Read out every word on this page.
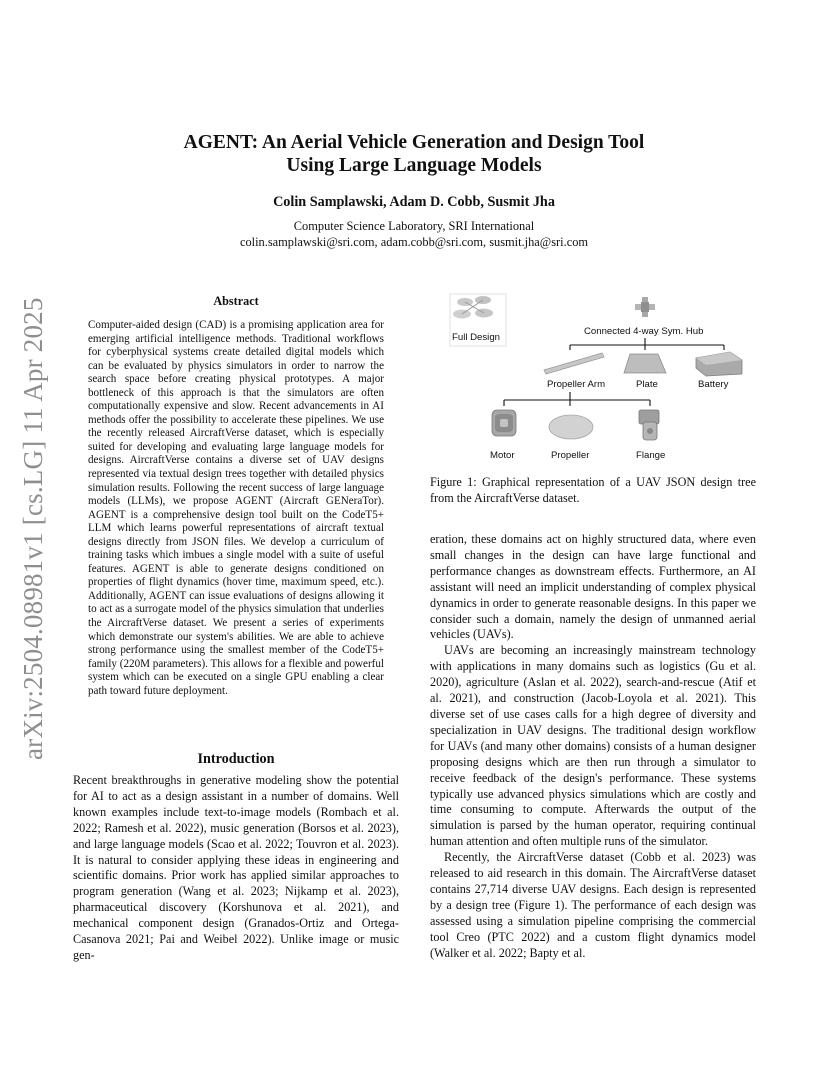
arXiv:2504.08981v1 [cs.LG] 11 Apr 2025
AGENT: An Aerial Vehicle Generation and Design Tool
Using Large Language Models
Colin Samplawski, Adam D. Cobb, Susmit Jha
Computer Science Laboratory, SRI International
colin.samplawski@sri.com, adam.cobb@sri.com, susmit.jha@sri.com
Abstract
Computer-aided design (CAD) is a promising application area for emerging artificial intelligence methods. Traditional workflows for cyberphysical systems create detailed digital models which can be evaluated by physics simulators in order to narrow the search space before creating physical prototypes. A major bottleneck of this approach is that the simulators are often computationally expensive and slow. Recent advancements in AI methods offer the possibility to accelerate these pipelines. We use the recently released AircraftVerse dataset, which is especially suited for developing and evaluating large language models for designs. AircraftVerse contains a diverse set of UAV designs represented via textual design trees together with detailed physics simulation results. Following the recent success of large language models (LLMs), we propose AGENT (Aircraft GENeraTor). AGENT is a comprehensive design tool built on the CodeT5+ LLM which learns powerful representations of aircraft textual designs directly from JSON files. We develop a curriculum of training tasks which imbues a single model with a suite of useful features. AGENT is able to generate designs conditioned on properties of flight dynamics (hover time, maximum speed, etc.). Additionally, AGENT can issue evaluations of designs allowing it to act as a surrogate model of the physics simulation that underlies the AircraftVerse dataset. We present a series of experiments which demonstrate our system's abilities. We are able to achieve strong performance using the smallest member of the CodeT5+ family (220M parameters). This allows for a flexible and powerful system which can be executed on a single GPU enabling a clear path toward future deployment.
Introduction

Recent breakthroughs in generative modeling show the potential for AI to act as a design assistant in a number of domains. Well known examples include text-to-image models (Rombach et al. 2022; Ramesh et al. 2022), music generation (Borsos et al. 2023), and large language models (Scao et al. 2022; Touvron et al. 2023). It is natural to consider applying these ideas in engineering and scientific domains. Prior work has applied similar approaches to program generation (Wang et al. 2023; Nijkamp et al. 2023), pharmaceutical discovery (Korshunova et al. 2021), and mechanical component design (Granados-Ortiz and Ortega-Casanova 2021; Pai and Weibel 2022). Unlike image or music gen-

Full Design
Connected 4-way Sym. Hub
Propeller Arm	Plate	Battery
Motor	Propeller	Flange
Figure 1: Graphical representation of a UAV JSON design tree from the AircraftVerse dataset.

eration, these domains act on highly structured data, where even small changes in the design can have large functional and performance changes as downstream effects. Furthermore, an AI assistant will need an implicit understanding of complex physical dynamics in order to generate reasonable designs. In this paper we consider such a domain, namely the design of unmanned aerial vehicles (UAVs).

UAVs are becoming an increasingly mainstream technology with applications in many domains such as logistics (Gu et al. 2020), agriculture (Aslan et al. 2022), search-and-rescue (Atif et al. 2021), and construction (Jacob-Loyola et al. 2021). This diverse set of use cases calls for a high degree of diversity and specialization in UAV designs. The traditional design workflow for UAVs (and many other domains) consists of a human designer proposing designs which are then run through a simulator to receive feedback of the design's performance. These systems typically use advanced physics simulations which are costly and time consuming to compute. Afterwards the output of the simulation is parsed by the human operator, requiring continual human attention and often multiple runs of the simulator.

Recently, the AircraftVerse dataset (Cobb et al. 2023) was released to aid research in this domain. The AircraftVerse dataset contains 27,714 diverse UAV designs. Each design is represented by a design tree (Figure 1). The performance of each design was assessed using a simulation pipeline comprising the commercial tool Creo (PTC 2022) and a custom flight dynamics model (Walker et al. 2022; Bapty et al.
